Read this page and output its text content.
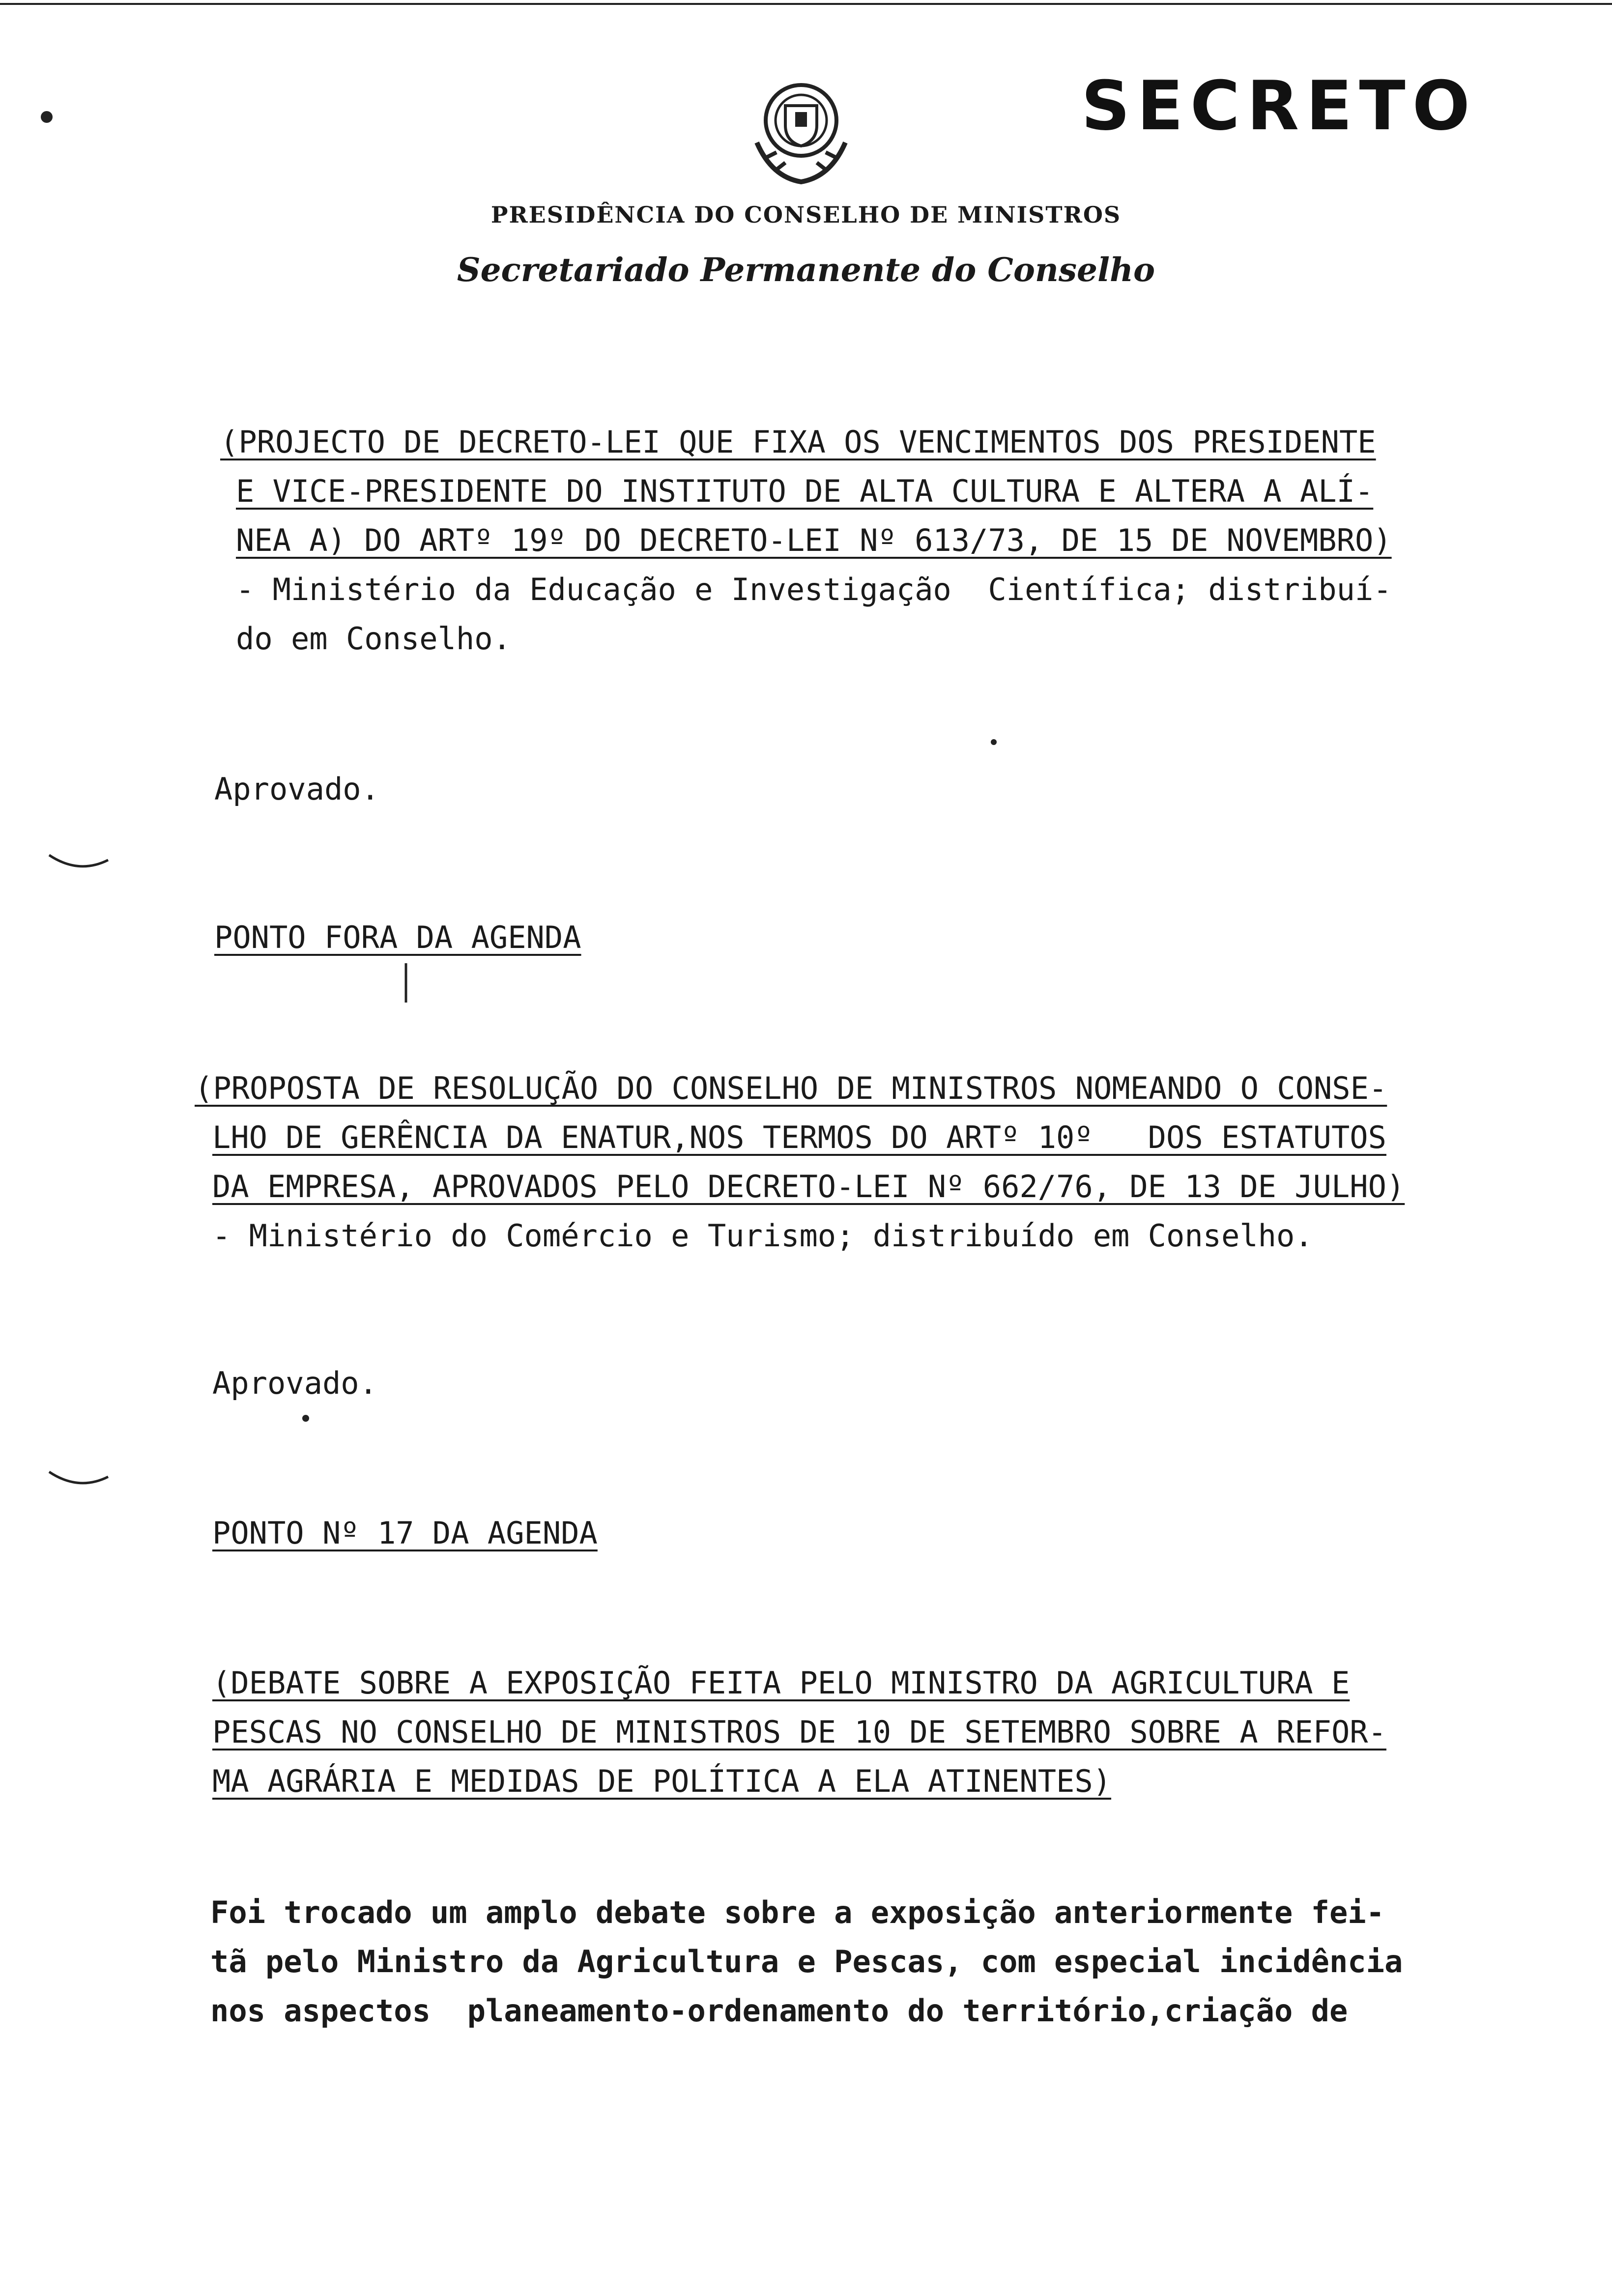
SECRETO
PRESIDÊNCIA DO CONSELHO DE MINISTROS
Secretariado Permanente do Conselho
(PROJECTO DE DECRETO-LEI QUE FIXA OS VENCIMENTOS DOS PRESIDENTE
E VICE-PRESIDENTE DO INSTITUTO DE ALTA CULTURA E ALTERA A ALÍ-
NEA A) DO ARTº 19º DO DECRETO-LEI Nº 613/73, DE 15 DE NOVEMBRO)
- Ministério da Educação e Investigação  Científica; distribuí-
do em Conselho.
Aprovado.
PONTO FORA DA AGENDA
(PROPOSTA DE RESOLUÇÃO DO CONSELHO DE MINISTROS NOMEANDO O CONSE-
LHO DE GERÊNCIA DA ENATUR,NOS TERMOS DO ARTº 10º   DOS ESTATUTOS
DA EMPRESA, APROVADOS PELO DECRETO-LEI Nº 662/76, DE 13 DE JULHO)
- Ministério do Comércio e Turismo; distribuído em Conselho.
Aprovado.
PONTO Nº 17 DA AGENDA
(DEBATE SOBRE A EXPOSIÇÃO FEITA PELO MINISTRO DA AGRICULTURA E
PESCAS NO CONSELHO DE MINISTROS DE 10 DE SETEMBRO SOBRE A REFOR-
MA AGRÁRIA E MEDIDAS DE POLÍTICA A ELA ATINENTES)
Foi trocado um amplo debate sobre a exposição anteriormente fei-
tã pelo Ministro da Agricultura e Pescas, com especial incidência
nos aspectos  planeamento-ordenamento do território,criação de
